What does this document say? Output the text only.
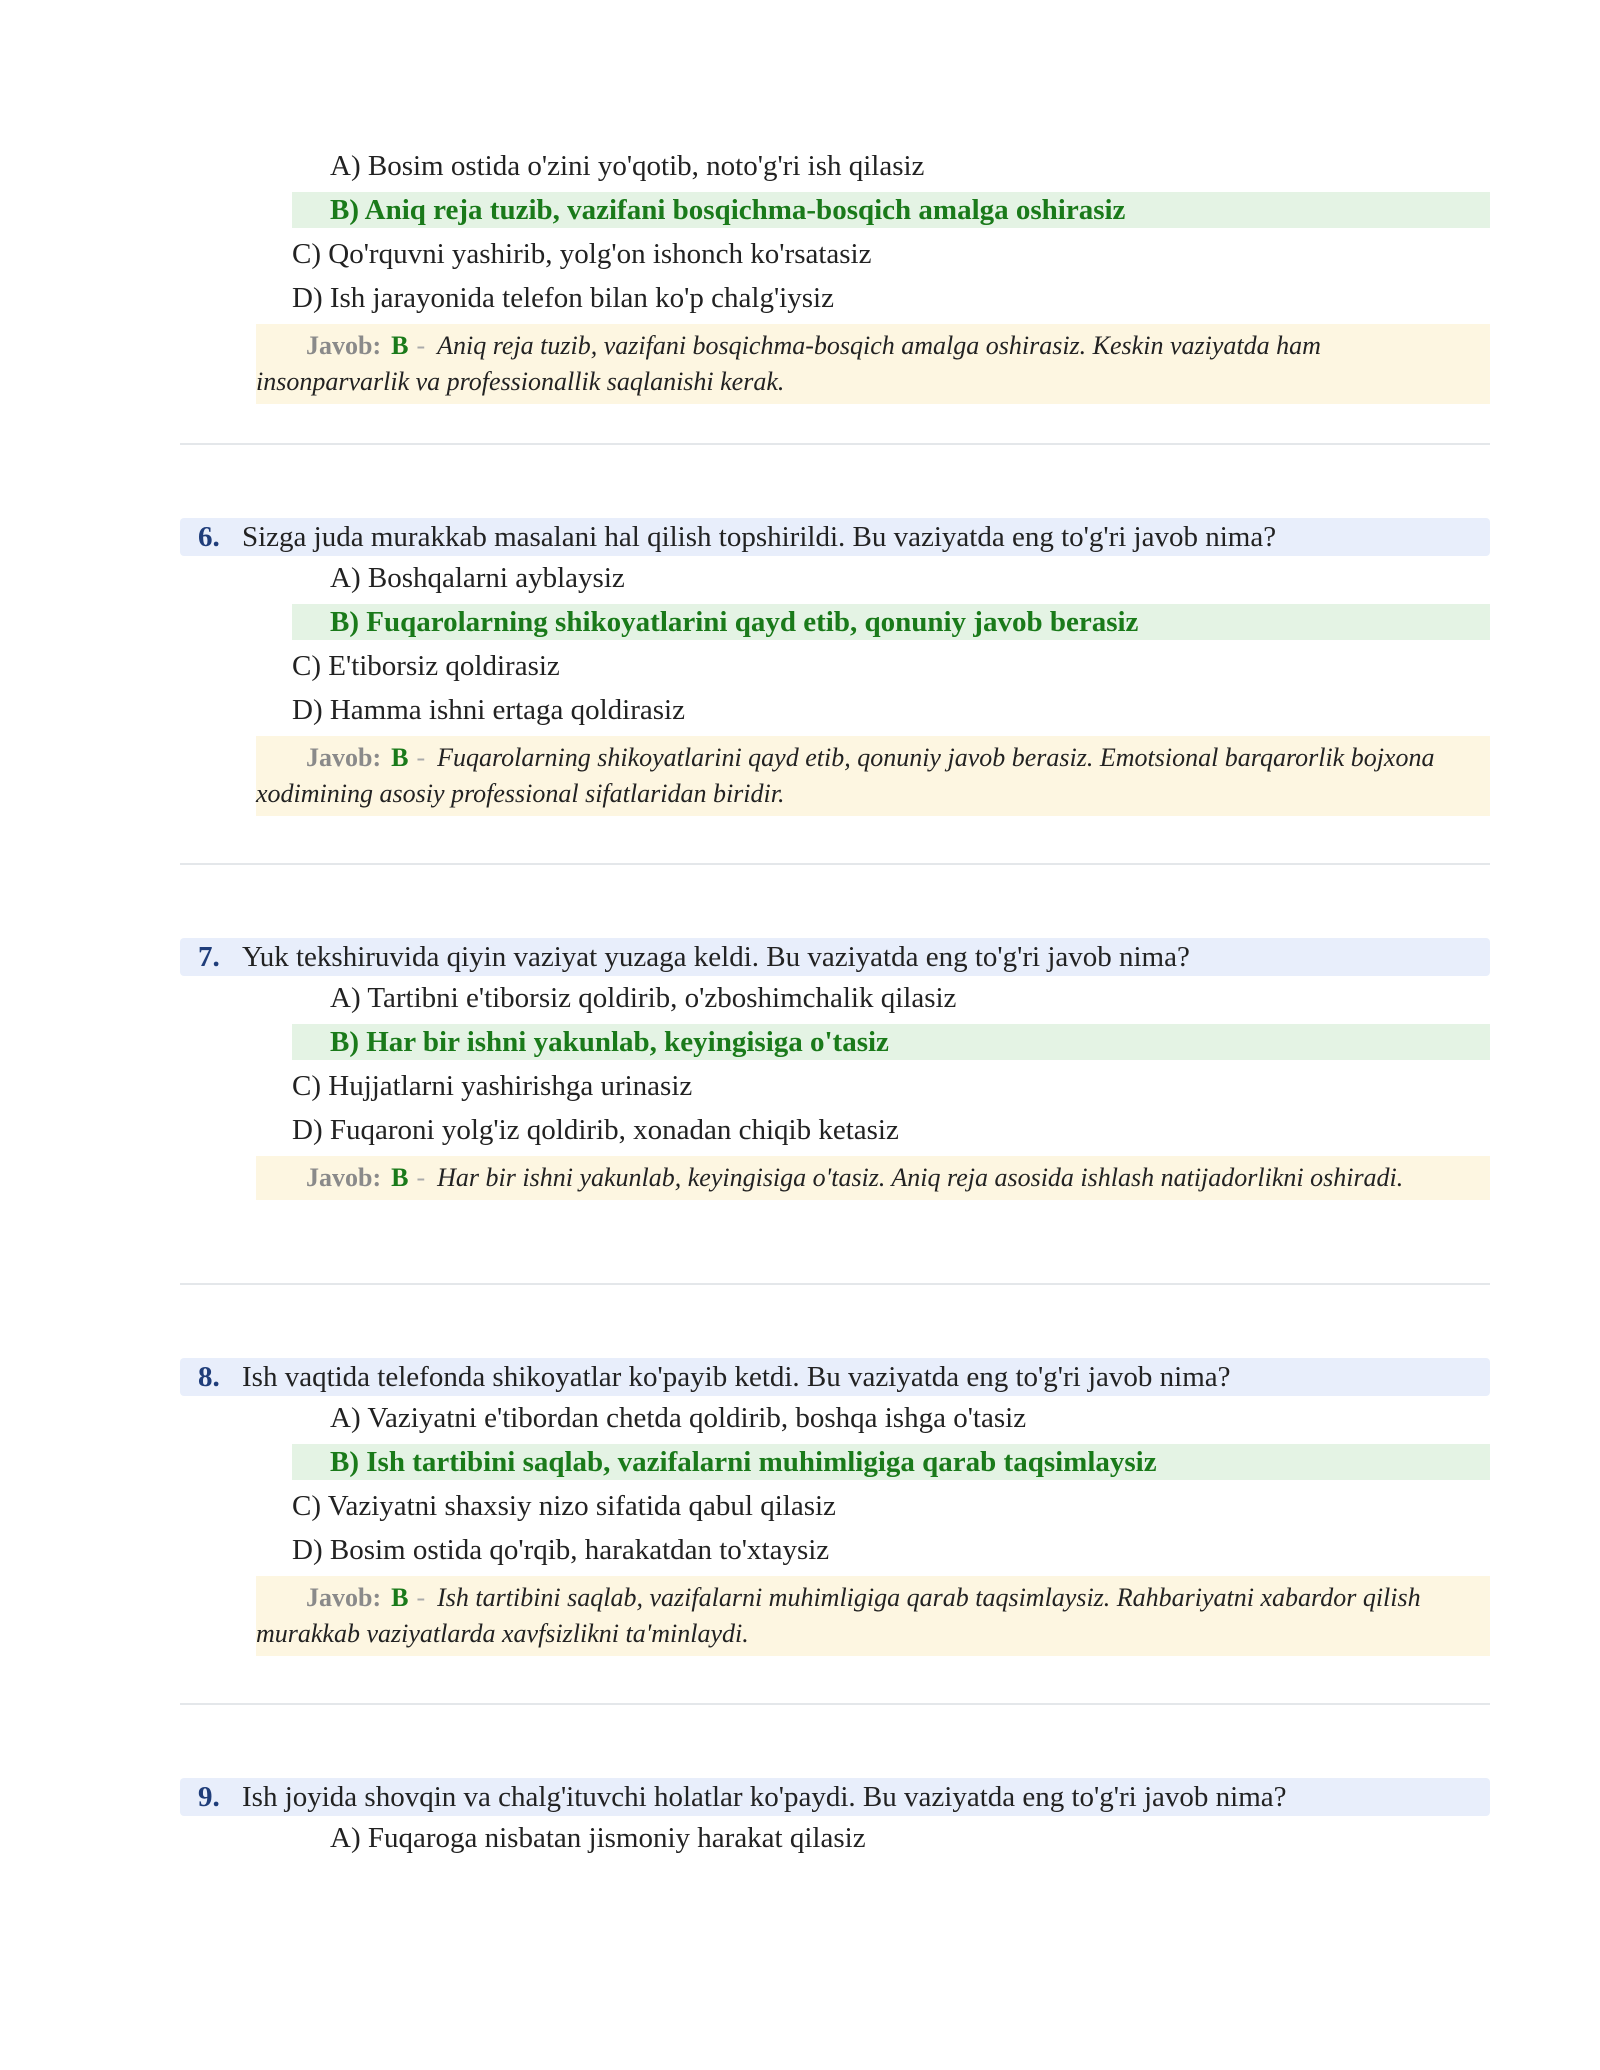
A) Bosim ostida o'zini yo'qotib, noto'g'ri ish qilasiz
B) Aniq reja tuzib, vazifani bosqichma-bosqich amalga oshirasiz
C) Qo'rquvni yashirib, yolg'on ishonch ko'rsatasiz
D) Ish jarayonida telefon bilan ko'p chalg'iysiz
Javob: B - Aniq reja tuzib, vazifani bosqichma-bosqich amalga oshirasiz. Keskin vaziyatda ham insonparvarlik va professionallik saqlanishi kerak.
6. Sizga juda murakkab masalani hal qilish topshirildi. Bu vaziyatda eng to'g'ri javob nima?
A) Boshqalarni ayblaysiz
B) Fuqarolarning shikoyatlarini qayd etib, qonuniy javob berasiz
C) E'tiborsiz qoldirasiz
D) Hamma ishni ertaga qoldirasiz
Javob: B - Fuqarolarning shikoyatlarini qayd etib, qonuniy javob berasiz. Emotsional barqarorlik bojxona xodimining asosiy professional sifatlaridan biridir.
7. Yuk tekshiruvida qiyin vaziyat yuzaga keldi. Bu vaziyatda eng to'g'ri javob nima?
A) Tartibni e'tiborsiz qoldirib, o'zboshimchalik qilasiz
B) Har bir ishni yakunlab, keyingisiga o'tasiz
C) Hujjatlarni yashirishga urinasiz
D) Fuqaroni yolg'iz qoldirib, xonadan chiqib ketasiz
Javob: B - Har bir ishni yakunlab, keyingisiga o'tasiz. Aniq reja asosida ishlash natijadorlikni oshiradi.
8. Ish vaqtida telefonda shikoyatlar ko'payib ketdi. Bu vaziyatda eng to'g'ri javob nima?
A) Vaziyatni e'tibordan chetda qoldirib, boshqa ishga o'tasiz
B) Ish tartibini saqlab, vazifalarni muhimligiga qarab taqsimlaysiz
C) Vaziyatni shaxsiy nizo sifatida qabul qilasiz
D) Bosim ostida qo'rqib, harakatdan to'xtaysiz
Javob: B - Ish tartibini saqlab, vazifalarni muhimligiga qarab taqsimlaysiz. Rahbariyatni xabardor qilish murakkab vaziyatlarda xavfsizlikni ta'minlaydi.
9. Ish joyida shovqin va chalg'ituvchi holatlar ko'paydi. Bu vaziyatda eng to'g'ri javob nima?
A) Fuqaroga nisbatan jismoniy harakat qilasiz
